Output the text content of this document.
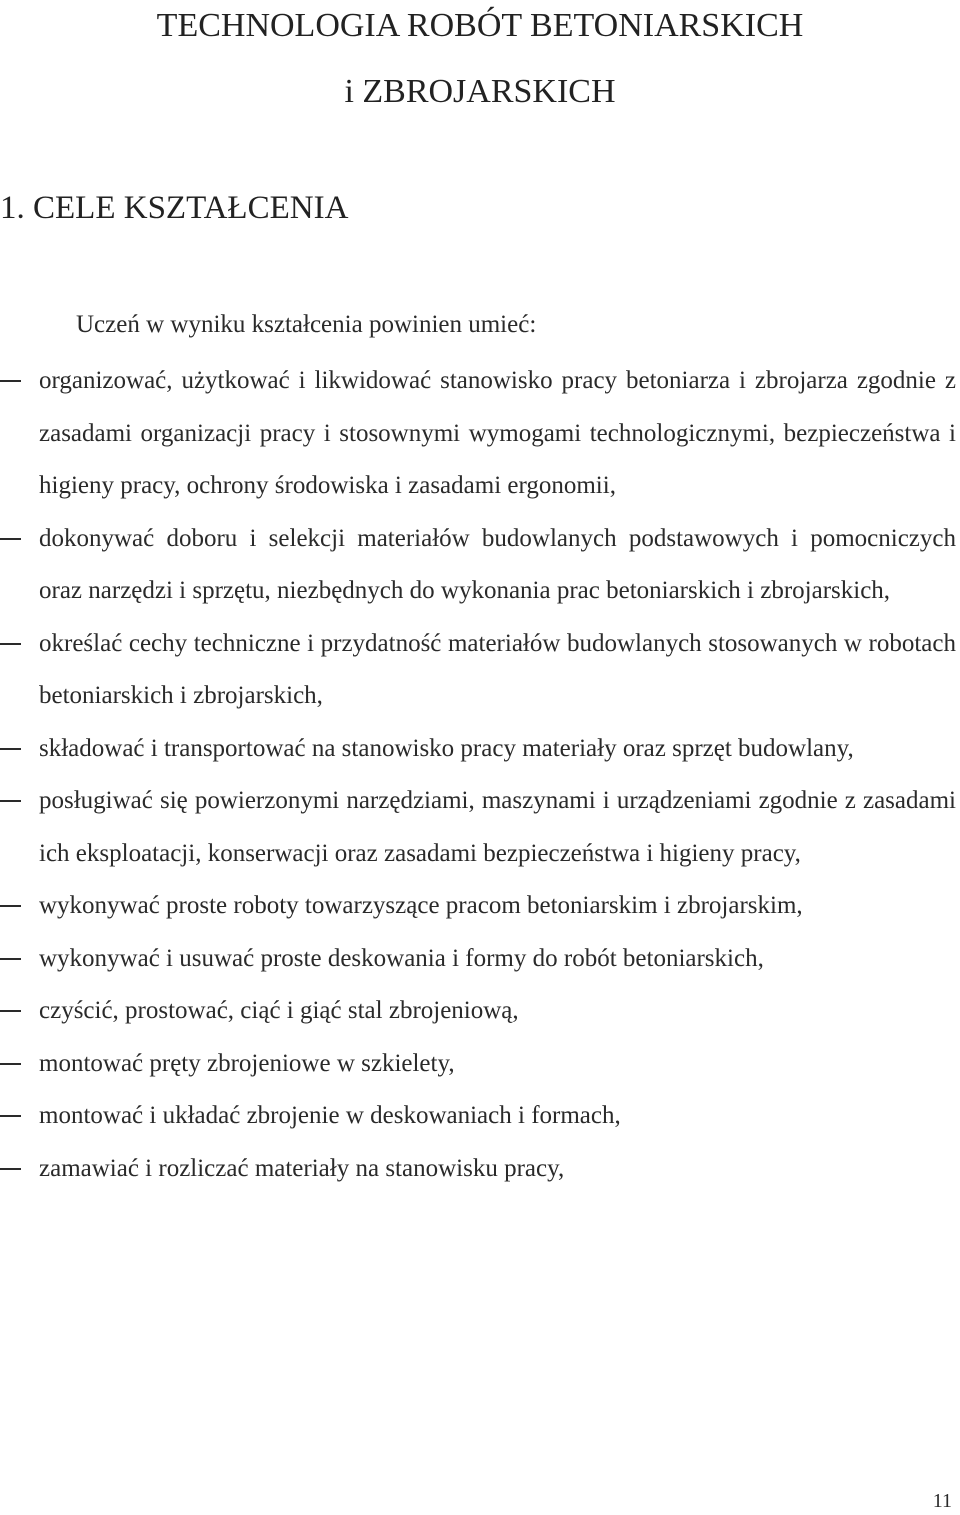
TECHNOLOGIA ROBÓT BETONIARSKICH
i ZBROJARSKICH
1. CELE KSZTAŁCENIA
Uczeń w wyniku kształcenia powinien umieć:
organizować, użytkować i likwidować stanowisko pracy betoniarza i zbrojarza zgodnie z zasadami organizacji pracy i stosownymi wymogami technologicznymi, bezpieczeństwa i higieny pracy, ochrony środowiska i zasadami ergonomii,
dokonywać doboru i selekcji materiałów budowlanych podstawowych i pomocniczych oraz narzędzi i sprzętu, niezbędnych do wykonania prac betoniarskich i zbrojarskich,
określać cechy techniczne i przydatność materiałów budowlanych stosowanych w robotach betoniarskich i zbrojarskich,
składować i transportować na stanowisko pracy materiały oraz sprzęt budowlany,
posługiwać się powierzonymi narzędziami, maszynami i urządzeniami zgodnie z zasadami ich eksploatacji, konserwacji oraz zasadami bezpieczeństwa i higieny pracy,
wykonywać proste roboty towarzyszące pracom betoniarskim i zbrojarskim,
wykonywać i usuwać proste deskowania i formy do robót betoniarskich,
czyścić, prostować, ciąć i giąć stal zbrojeniową,
montować pręty zbrojeniowe w szkielety,
montować i układać zbrojenie w deskowaniach i formach,
zamawiać i rozliczać materiały na stanowisku pracy,
11
